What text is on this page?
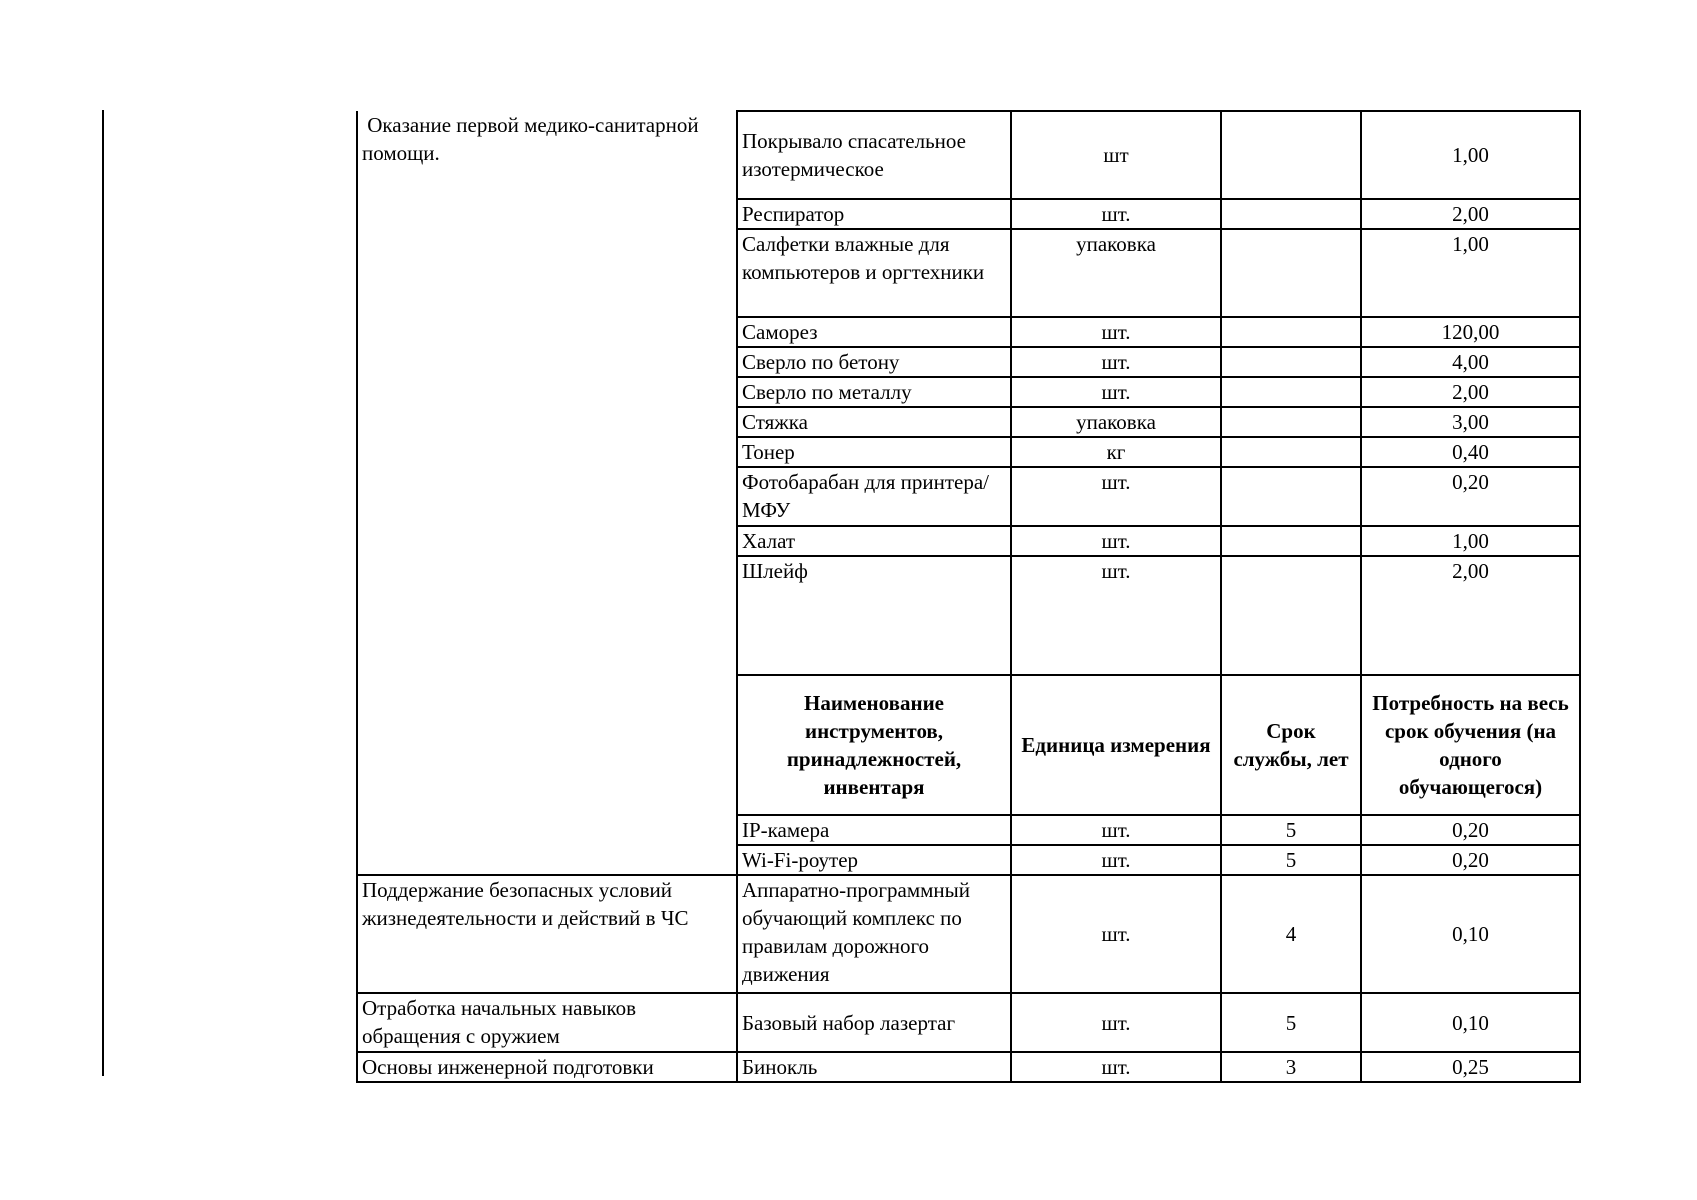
Оказание первой медико-санитарной помощи.	Покрывало спасательное изотермическое	шт		1,00
	Респиратор	шт.		2,00
	Салфетки влажные для компьютеров и оргтехники	упаковка		1,00
	Саморез	шт.		120,00
	Сверло по бетону	шт.		4,00
	Сверло по металлу	шт.		2,00
	Стяжка	упаковка		3,00
	Тонер	кг		0,40
	Фотобарабан для принтера/МФУ	шт.		0,20
	Халат	шт.		1,00
	Шлейф	шт.		2,00
	Наименование инструментов, принадлежностей, инвентаря	Единица измерения	Срок службы, лет	Потребность на весь срок обучения (на одного обучающегося)
	IP-камера	шт.	5	0,20
	Wi-Fi-роутер	шт.	5	0,20
Поддержание безопасных условий жизнедеятельности и действий в ЧС	Аппаратно-программный обучающий комплекс по правилам дорожного движения	шт.	4	0,10
Отработка начальных навыков обращения с оружием	Базовый набор лазертаг	шт.	5	0,10
Основы инженерной подготовки	Бинокль	шт.	3	0,25
